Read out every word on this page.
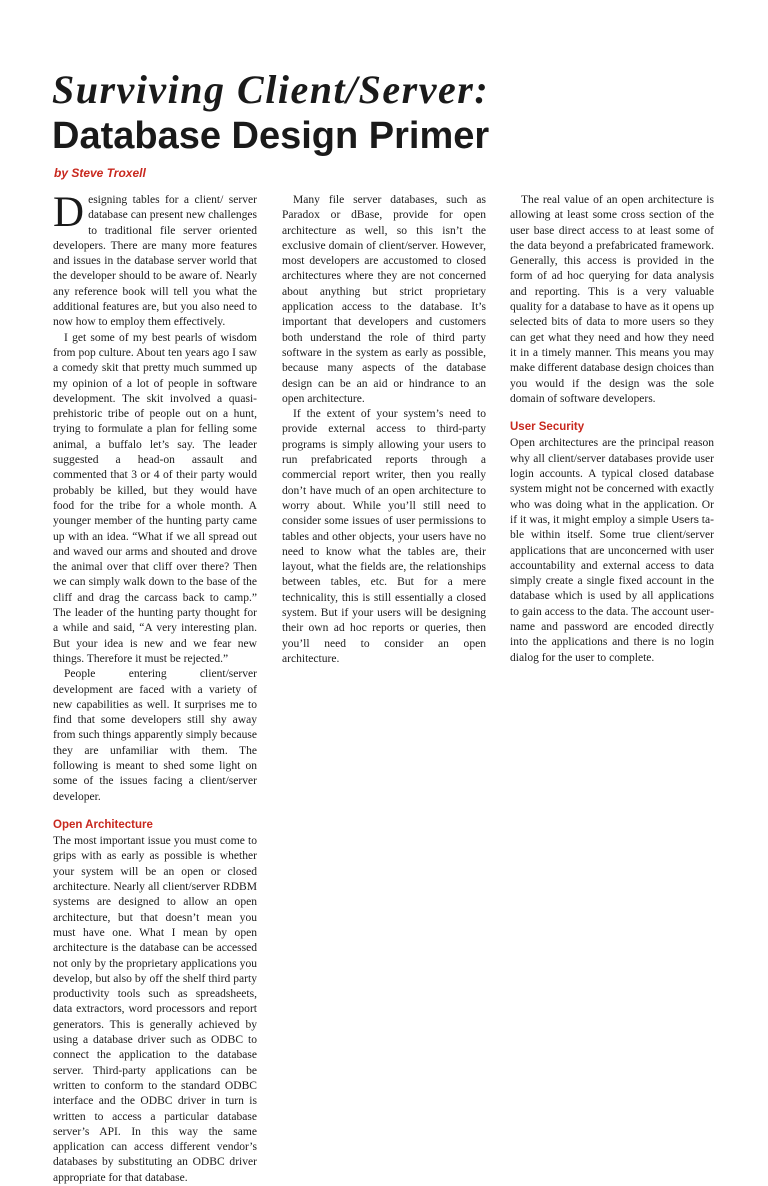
Surviving Client/Server:
Database Design Primer
by Steve Troxell

Designing tables for a client/ server database can present new challenges to traditional file server oriented developers. There are many more features and issues in the database server world that the developer should to be aware of. Nearly any reference book will tell you what the additional features are, but you also need to now how to employ them effectively.

I get some of my best pearls of wisdom from pop culture. About ten years ago I saw a comedy skit that pretty much summed up my opinion of a lot of people in software development. The skit involved a quasi-prehistoric tribe of people out on a hunt, trying to formulate a plan for felling some animal, a buffalo let’s say. The leader suggested a head-on assault and commented that 3 or 4 of their party would probably be killed, but they would have food for the tribe for a whole month. A younger member of the hunting party came up with an idea. “What if we all spread out and waved our arms and shouted and drove the animal over that cliff over there? Then we can simply walk down to the base of the cliff and drag the carcass back to camp.” The leader of the hunting party thought for a while and said, “A very interesting plan. But your idea is new and we fear new things. Therefore it must be rejected.”

People entering client/server development are faced with a variety of new capabilities as well. It surprises me to find that some developers still shy away from such things apparently simply because they are unfamiliar with them. The following is meant to shed some light on some of the issues facing a client/server developer.

Open Architecture

The most important issue you must come to grips with as early as possible is whether your system will be an open or closed architecture. Nearly all client/server RDBM systems are designed to allow an open architecture, but that doesn’t mean you must have one. What I mean by open architecture is the database can be accessed not only by the proprietary applications you develop, but also by off the shelf third party productivity tools such as spreadsheets, data extractors, word processors and report generators. This is generally achieved by using a database driver such as ODBC to connect the application to the database server. Third-party applications can be written to conform to the standard ODBC interface and the ODBC driver in turn is written to access a particular database server’s API. In this way the same application can access different vendor’s databases by substituting an ODBC driver appropriate for that database.

Many file server databases, such as Paradox or dBase, provide for open architecture as well, so this isn’t the exclusive domain of client/server. However, most developers are accustomed to closed architectures where they are not concerned about anything but strict proprietary application access to the database. It’s important that developers and customers both understand the role of third party software in the system as early as possible, because many aspects of the database design can be an aid or hindrance to an open architecture.

If the extent of your system’s need to provide external access to third-party programs is simply allowing your users to run prefabricated reports through a commercial report writer, then you really don’t have much of an open architecture to worry about. While you’ll still need to consider some issues of user permissions to tables and other objects, your users have no need to know what the tables are, their layout, what the fields are, the relationships between tables, etc. But for a mere technicality, this is still essentially a closed system. But if your users will be designing their own ad hoc reports or queries, then you’ll need to consider an open architecture.

The real value of an open architecture is allowing at least some cross section of the user base direct access to at least some of the data beyond a prefabricated framework. Generally, this access is provided in the form of ad hoc querying for data analysis and reporting. This is a very valuable quality for a database to have as it opens up selected bits of data to more users so they can get what they need and how they need it in a timely manner. This means you may make different database design choices than you would if the design was the sole domain of software developers.

User Security

Open architectures are the principal reason why all client/server databases provide user login accounts. A typical closed database system might not be concerned with exactly who was doing what in the application. Or if it was, it might employ a simple Users table within itself. Some true client/server applications that are unconcerned with user accountability and external access to data simply create a single fixed account in the database which is used by all applications to gain access to the data. The account username and password are encoded directly into the applications and there is no login dialog for the user to complete.
